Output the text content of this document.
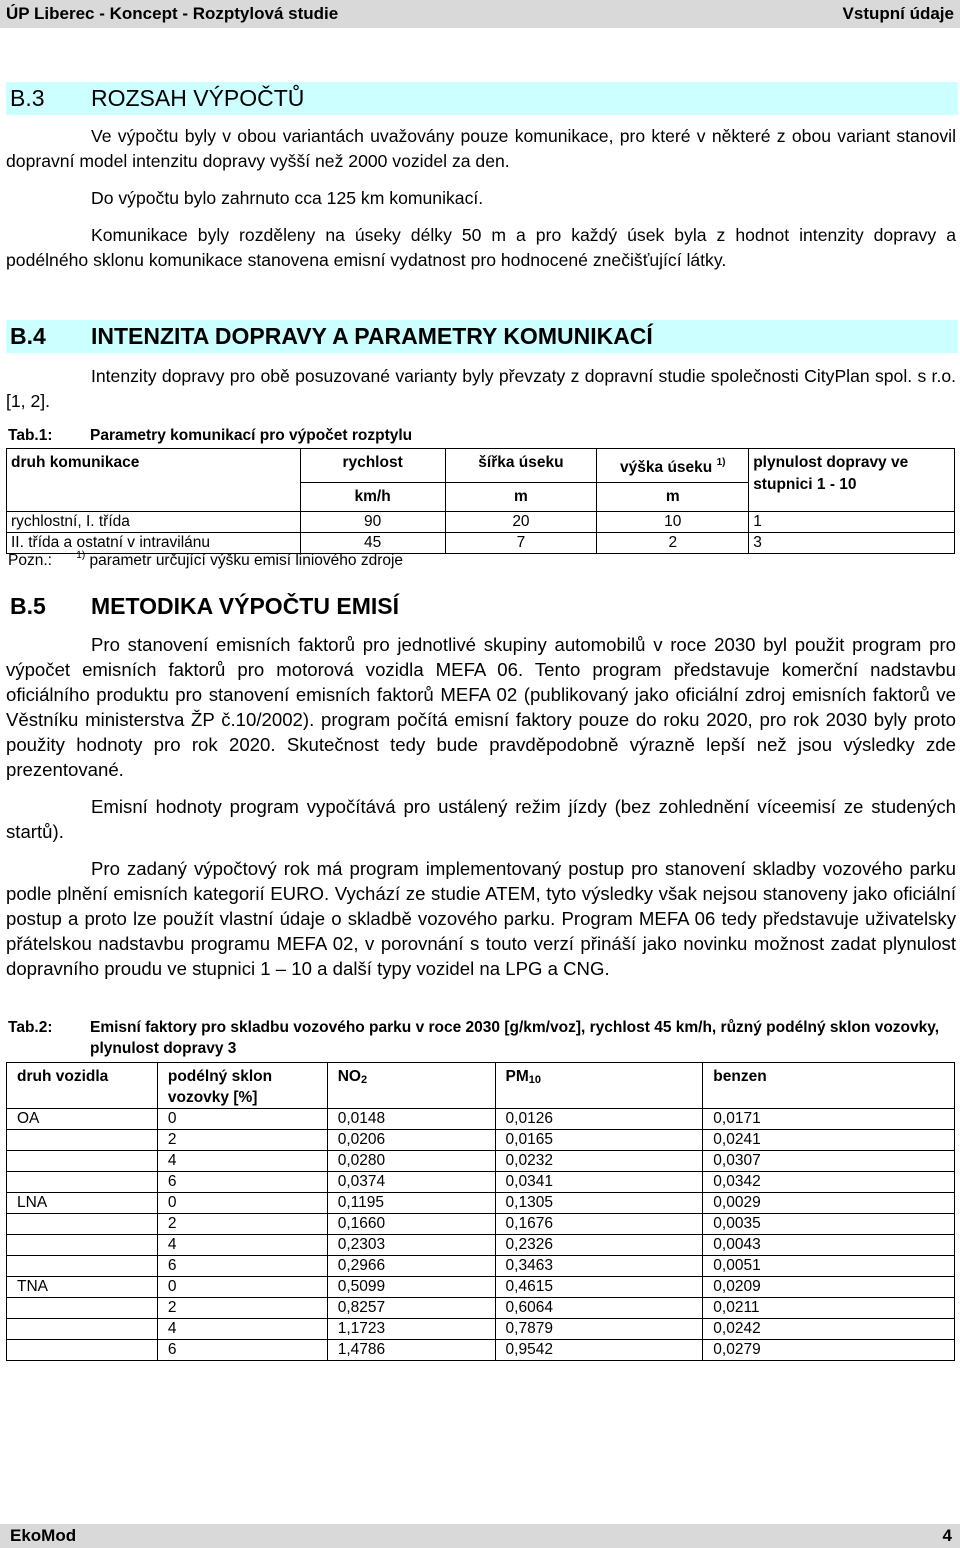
ÚP Liberec - Koncept - Rozptylová studie	Vstupní údaje
B.3 ROZSAH VÝPOČTŮ
Ve výpočtu byly v obou variantách uvažovány pouze komunikace, pro které v některé z obou variant stanovil dopravní model intenzitu dopravy vyšší než 2000 vozidel za den.
Do výpočtu bylo zahrnuto cca 125 km komunikací.
Komunikace byly rozděleny na úseky délky 50 m a pro každý úsek byla z hodnot intenzity dopravy a podélného sklonu komunikace stanovena emisní vydatnost pro hodnocené znečišťující látky.
B.4 INTENZITA DOPRAVY A PARAMETRY KOMUNIKACÍ
Intenzity dopravy pro obě posuzované varianty byly převzaty z dopravní studie společnosti CityPlan spol. s r.o. [1, 2].
Tab.1: Parametry komunikací pro výpočet rozptylu
druh komunikace	rychlost	šířka úseku	výška úseku $^{1)}$	plynulost dopravy ve stupnici 1 - 10
	km/h	m	m	
rychlostní, I. třída	90	20	10	1
II. třída a ostatní v intravilánu	45	7	2	3
Pozn.: $^{1)}$ parametr určující výšku emisí liniového zdroje
B.5 METODIKA VÝPOČTU EMISÍ
Pro stanovení emisních faktorů pro jednotlivé skupiny automobilů v roce 2030 byl použit program pro výpočet emisních faktorů pro motorová vozidla MEFA 06. Tento program představuje komerční nadstavbu oficiálního produktu pro stanovení emisních faktorů MEFA 02 (publikovaný jako oficiální zdroj emisních faktorů ve Věstníku ministerstva ŽP č.10/2002). program počítá emisní faktory pouze do roku 2020, pro rok 2030 byly proto použity hodnoty pro rok 2020. Skutečnost tedy bude pravděpodobně výrazně lepší než jsou výsledky zde prezentované.
Emisní hodnoty program vypočítává pro ustálený režim jízdy (bez zohlednění víceemisí ze studených startů).
Pro zadaný výpočtový rok má program implementovaný postup pro stanovení skladby vozového parku podle plnění emisních kategorií EURO. Vychází ze studie ATEM, tyto výsledky však nejsou stanoveny jako oficiální postup a proto lze použít vlastní údaje o skladbě vozového parku. Program MEFA 06 tedy představuje uživatelsky přátelskou nadstavbu programu MEFA 02, v porovnání s touto verzí přináší jako novinku možnost zadat plynulost dopravního proudu ve stupnici 1 – 10 a další typy vozidel na LPG a CNG.
Tab.2: Emisní faktory pro skladbu vozového parku v roce 2030 [g/km/voz], rychlost 45 km/h, různý podélný sklon vozovky, plynulost dopravy 3
druh vozidla	podélný sklon vozovky [%]	$NO_2$	$PM_{10}$	benzen
OA	0	0,0148	0,0126	0,0171
	2	0,0206	0,0165	0,0241
	4	0,0280	0,0232	0,0307
	6	0,0374	0,0341	0,0342
LNA	0	0,1195	0,1305	0,0029
	2	0,1660	0,1676	0,0035
	4	0,2303	0,2326	0,0043
	6	0,2966	0,3463	0,0051
TNA	0	0,5099	0,4615	0,0209
	2	0,8257	0,6064	0,0211
	4	1,1723	0,7879	0,0242
	6	1,4786	0,9542	0,0279
EkoMod	4
